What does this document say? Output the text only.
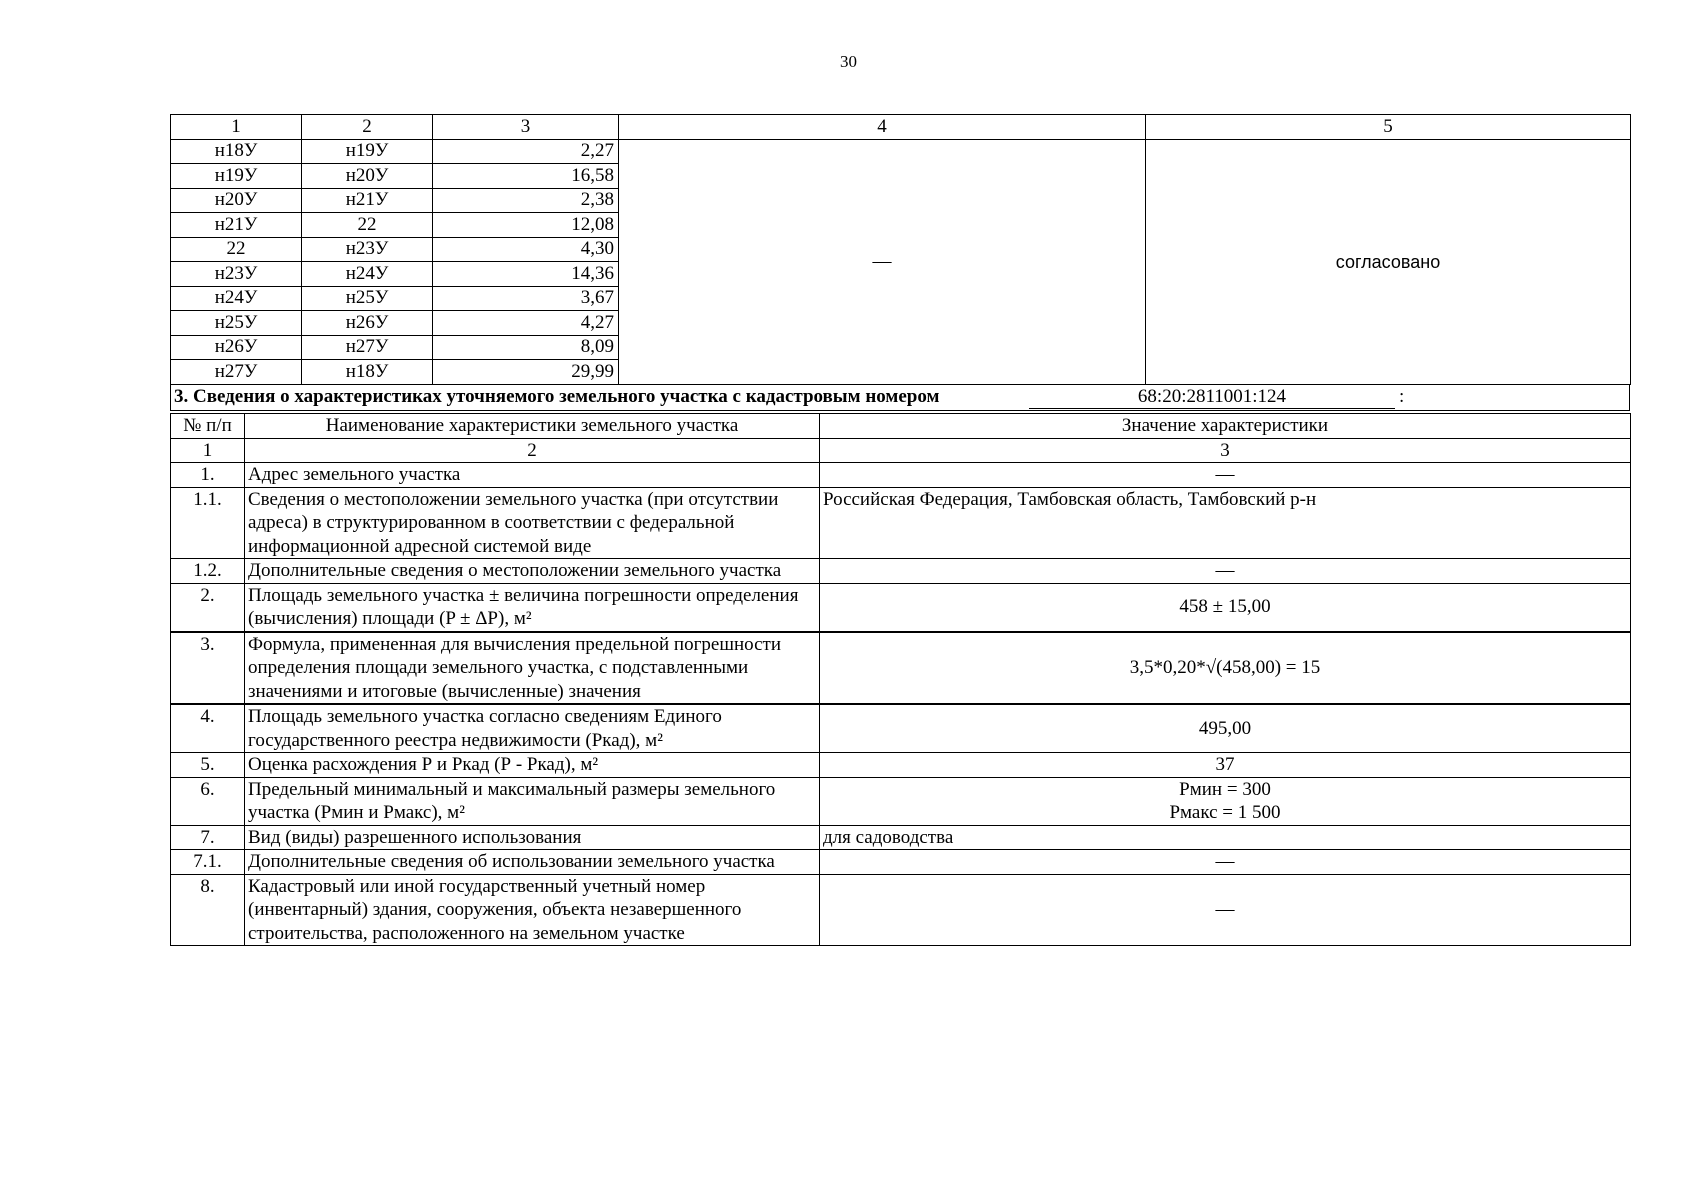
30
1	2	3	4	5
н18У	н19У	2,27	—	согласовано
н19У	н20У	16,58		
н20У	н21У	2,38		
н21У	22	12,08		
22	н23У	4,30		
н23У	н24У	14,36		
н24У	н25У	3,67		
н25У	н26У	4,27		
н26У	н27У	8,09		
н27У	н18У	29,99		
3. Сведения о характеристиках уточняемого земельного участка с кадастровым номером	68:20:2811001:124	:
№ п/п	Наименование характеристики земельного участка	Значение характеристики
1	2	3
1.	Адрес земельного участка	—
1.1.	Сведения о местоположении земельного участка (при отсутствии адреса) в структурированном в соответствии с федеральной информационной адресной системой виде	Российская Федерация, Тамбовская область, Тамбовский р-н
1.2.	Дополнительные сведения о местоположении земельного участка	—
2.	Площадь земельного участка ± величина погрешности определения (вычисления) площади (P ± ΔP), м²	458 ± 15,00
3.	Формула, примененная для вычисления предельной погрешности определения площади земельного участка, с подставленными значениями и итоговые (вычисленные) значения	3,5*0,20*√(458,00) = 15
4.	Площадь земельного участка согласно сведениям Единого государственного реестра недвижимости (Ркад), м²	495,00
5.	Оценка расхождения Р и Ркад (Р - Ркад), м²	37
6.	Предельный минимальный и максимальный размеры земельного участка (Рмин и Рмакс), м²	Рмин = 300
Рмакс = 1 500

7.	Вид (виды) разрешенного использования	для садоводства
7.1.	Дополнительные сведения об использовании земельного участка	—
8.	Кадастровый или иной государственный учетный номер (инвентарный) здания, сооружения, объекта незавершенного строительства, расположенного на земельном участке	—
